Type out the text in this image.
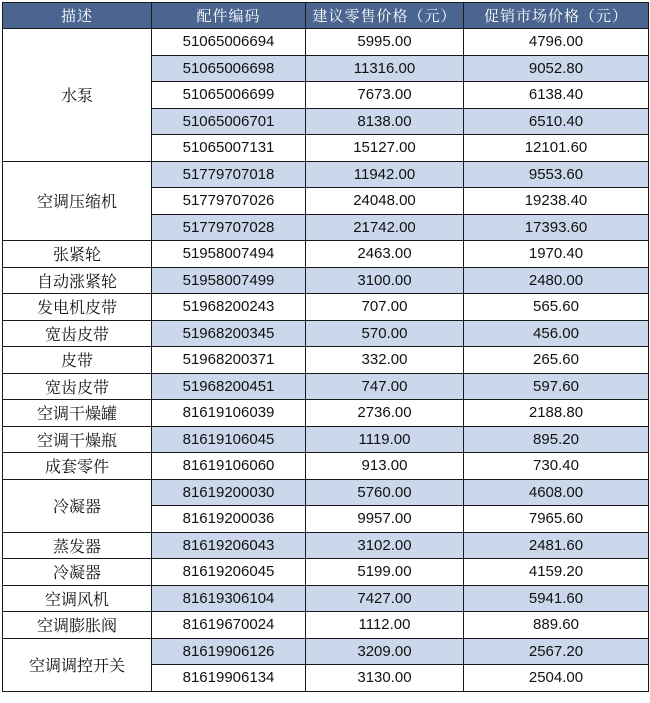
描述	配件编码	建议零售价格（元）	促销市场价格（元）
水泵	51065006694	5995.00	4796.00
	51065006698	11316.00	9052.80
	51065006699	7673.00	6138.40
	51065006701	8138.00	6510.40
	51065007131	15127.00	12101.60
空调压缩机	51779707018	11942.00	9553.60
	51779707026	24048.00	19238.40
	51779707028	21742.00	17393.60
张紧轮	51958007494	2463.00	1970.40
自动涨紧轮	51958007499	3100.00	2480.00
发电机皮带	51968200243	707.00	565.60
宽齿皮带	51968200345	570.00	456.00
皮带	51968200371	332.00	265.60
宽齿皮带	51968200451	747.00	597.60
空调干燥罐	81619106039	2736.00	2188.80
空调干燥瓶	81619106045	1119.00	895.20
成套零件	81619106060	913.00	730.40
冷凝器	81619200030	5760.00	4608.00
	81619200036	9957.00	7965.60
蒸发器	81619206043	3102.00	2481.60
冷凝器	81619206045	5199.00	4159.20
空调风机	81619306104	7427.00	5941.60
空调膨胀阀	81619670024	1112.00	889.60
空调调控开关	81619906126	3209.00	2567.20
	81619906134	3130.00	2504.00
